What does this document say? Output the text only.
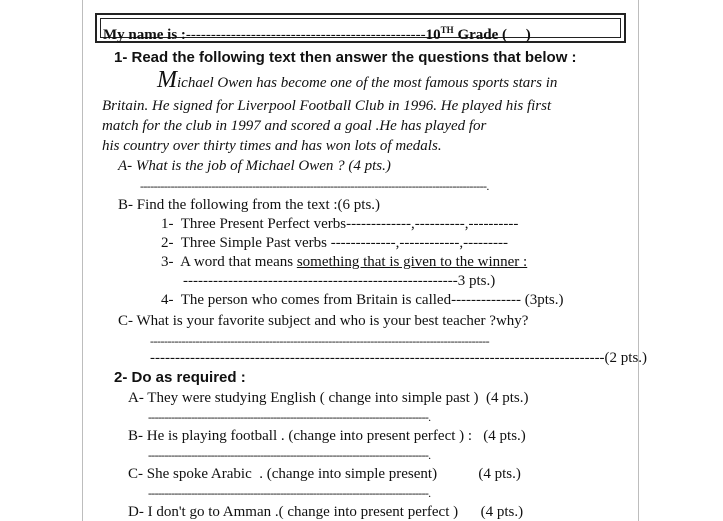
My name is :------------------------------------------------10TH Grade (     )
1- Read the following text then answer the questions that below :
Michael Owen has become one of the most famous sports stars in
Britain. He signed for Liverpool Football Club in 1996. He played his first
match for the club in 1997 and scored a goal .He has played for
his country over thirty times and has won lots of medals.
A- What is the job of Michael Owen ? (4 pts.)
------------------------------------------------------------------------------------------------------.
B- Find the following from the text :(6 pts.)
1-  Three Present Perfect verbs-------------,----------,----------
2-  Three Simple Past verbs -------------,------------,---------
3-  A word that means something that is given to the winner :
-------------------------------------------------------3 pts.)
4-  The person who comes from Britain is called-------------- (3pts.)
C- What is your favorite subject and who is your best teacher ?why?
-------------------------------------------------------------------------------------------------
-------------------------------------------------------------------------------------------(2 pts.)
2- Do as required :
A- They were studying English ( change into simple past )  (4 pts.)
-------------------------------------------------------------------------------------.
B- He is playing football . (change into present perfect ) :   (4 pts.)
-------------------------------------------------------------------------------------.
C- She spoke Arabic  . (change into simple present)           (4 pts.)
-------------------------------------------------------------------------------------.
D- I don't go to Amman .( change into present perfect )      (4 pts.)
